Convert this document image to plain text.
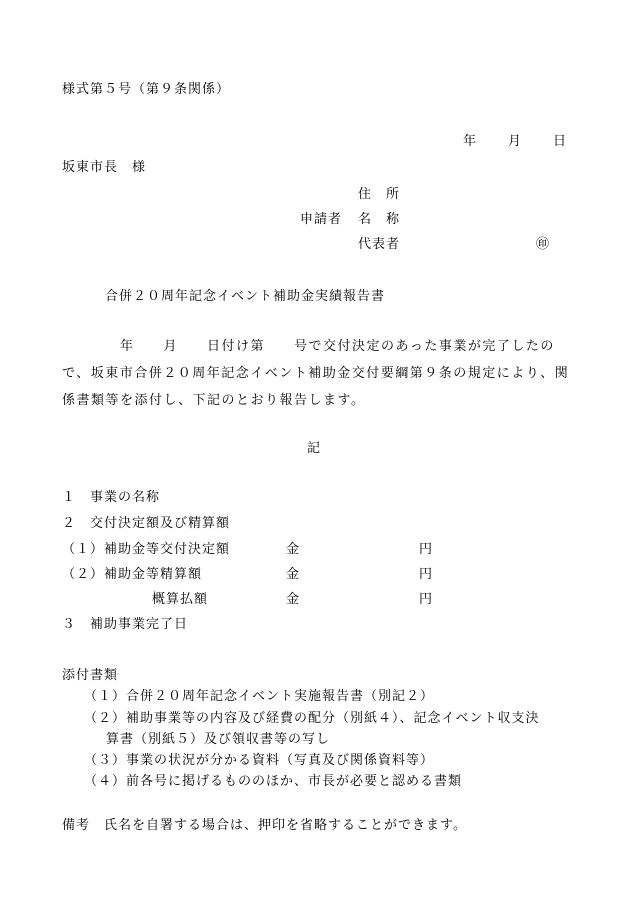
様式第５号（第９条関係）
年 月 日
坂東市長　様
住　所
申請者 名　称
代表者	㊞
合併２０周年記念イベント補助金実績報告書
　　　　年　　月　　日付け第　　号で交付決定のあった事業が完了したので、坂東市合併２０周年記念イベント補助金交付要綱第９条の規定により、関係書類等を添付し、下記のとおり報告します。
記
１　事業の名称
２　交付決定額及び精算額
（１）補助金等交付決定額	金	円
（２）補助金等精算額	金	円
概算払額	金	円
３　補助事業完了日
添付書類
（１）合併２０周年記念イベント実施報告書（別記２）
（２）補助事業等の内容及び経費の配分（別紙４）、記念イベント収支決
算書（別紙５）及び領収書等の写し
（３）事業の状況が分かる資料（写真及び関係資料等）
（４）前各号に掲げるもののほか、市長が必要と認める書類
備考　氏名を自署する場合は、押印を省略することができます。
